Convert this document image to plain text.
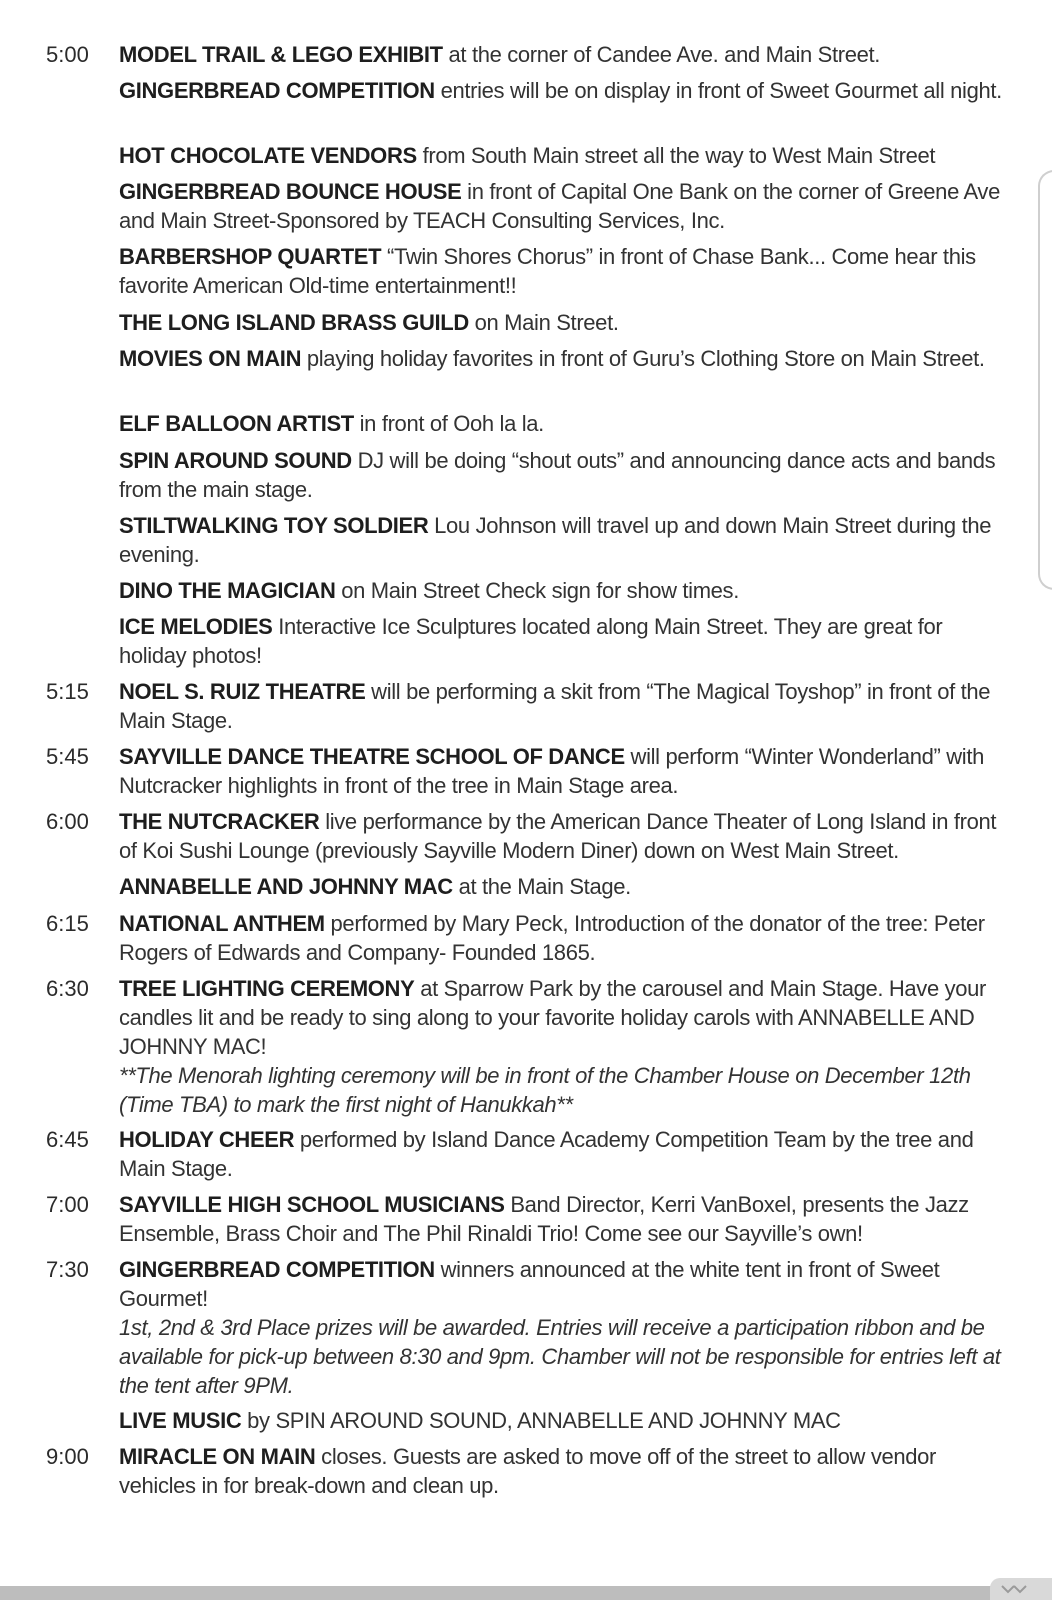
5:00 MODEL TRAIL & LEGO EXHIBIT at the corner of Candee Ave. and Main Street.
GINGERBREAD COMPETITION entries will be on display in front of Sweet Gourmet all night.
HOT CHOCOLATE VENDORS from South Main street all the way to West Main Street
GINGERBREAD BOUNCE HOUSE in front of Capital One Bank on the corner of Greene Ave and Main Street-Sponsored by TEACH Consulting Services, Inc.
BARBERSHOP QUARTET “Twin Shores Chorus” in front of Chase Bank... Come hear this favorite American Old-time entertainment!!
THE LONG ISLAND BRASS GUILD on Main Street.
MOVIES ON MAIN playing holiday favorites in front of Guru’s Clothing Store on Main Street.
ELF BALLOON ARTIST in front of Ooh la la.
SPIN AROUND SOUND DJ will be doing “shout outs” and announcing dance acts and bands from the main stage.
STILTWALKING TOY SOLDIER Lou Johnson will travel up and down Main Street during the evening.
DINO THE MAGICIAN on Main Street Check sign for show times.
ICE MELODIES Interactive Ice Sculptures located along Main Street. They are great for holiday photos!
5:15 NOEL S. RUIZ THEATRE will be performing a skit from “The Magical Toyshop” in front of the Main Stage.
5:45 SAYVILLE DANCE THEATRE SCHOOL OF DANCE will perform “Winter Wonderland” with Nutcracker highlights in front of the tree in Main Stage area.
6:00 THE NUTCRACKER live performance by the American Dance Theater of Long Island in front of Koi Sushi Lounge (previously Sayville Modern Diner) down on West Main Street.
ANNABELLE AND JOHNNY MAC at the Main Stage.
6:15 NATIONAL ANTHEM performed by Mary Peck, Introduction of the donator of the tree: Peter Rogers of Edwards and Company- Founded 1865.
6:30 TREE LIGHTING CEREMONY at Sparrow Park by the carousel and Main Stage. Have your candles lit and be ready to sing along to your favorite holiday carols with ANNABELLE AND JOHNNY MAC!
**The Menorah lighting ceremony will be in front of the Chamber House on December 12th (Time TBA) to mark the first night of Hanukkah**
6:45 HOLIDAY CHEER performed by Island Dance Academy Competition Team by the tree and Main Stage.
7:00 SAYVILLE HIGH SCHOOL MUSICIANS Band Director, Kerri VanBoxel, presents the Jazz Ensemble, Brass Choir and The Phil Rinaldi Trio! Come see our Sayville’s own!
7:30 GINGERBREAD COMPETITION winners announced at the white tent in front of Sweet Gourmet!
1st, 2nd & 3rd Place prizes will be awarded. Entries will receive a participation ribbon and be available for pick-up between 8:30 and 9pm. Chamber will not be responsible for entries left at the tent after 9PM.
LIVE MUSIC by SPIN AROUND SOUND, ANNABELLE AND JOHNNY MAC
9:00 MIRACLE ON MAIN closes. Guests are asked to move off of the street to allow vendor vehicles in for break-down and clean up.
